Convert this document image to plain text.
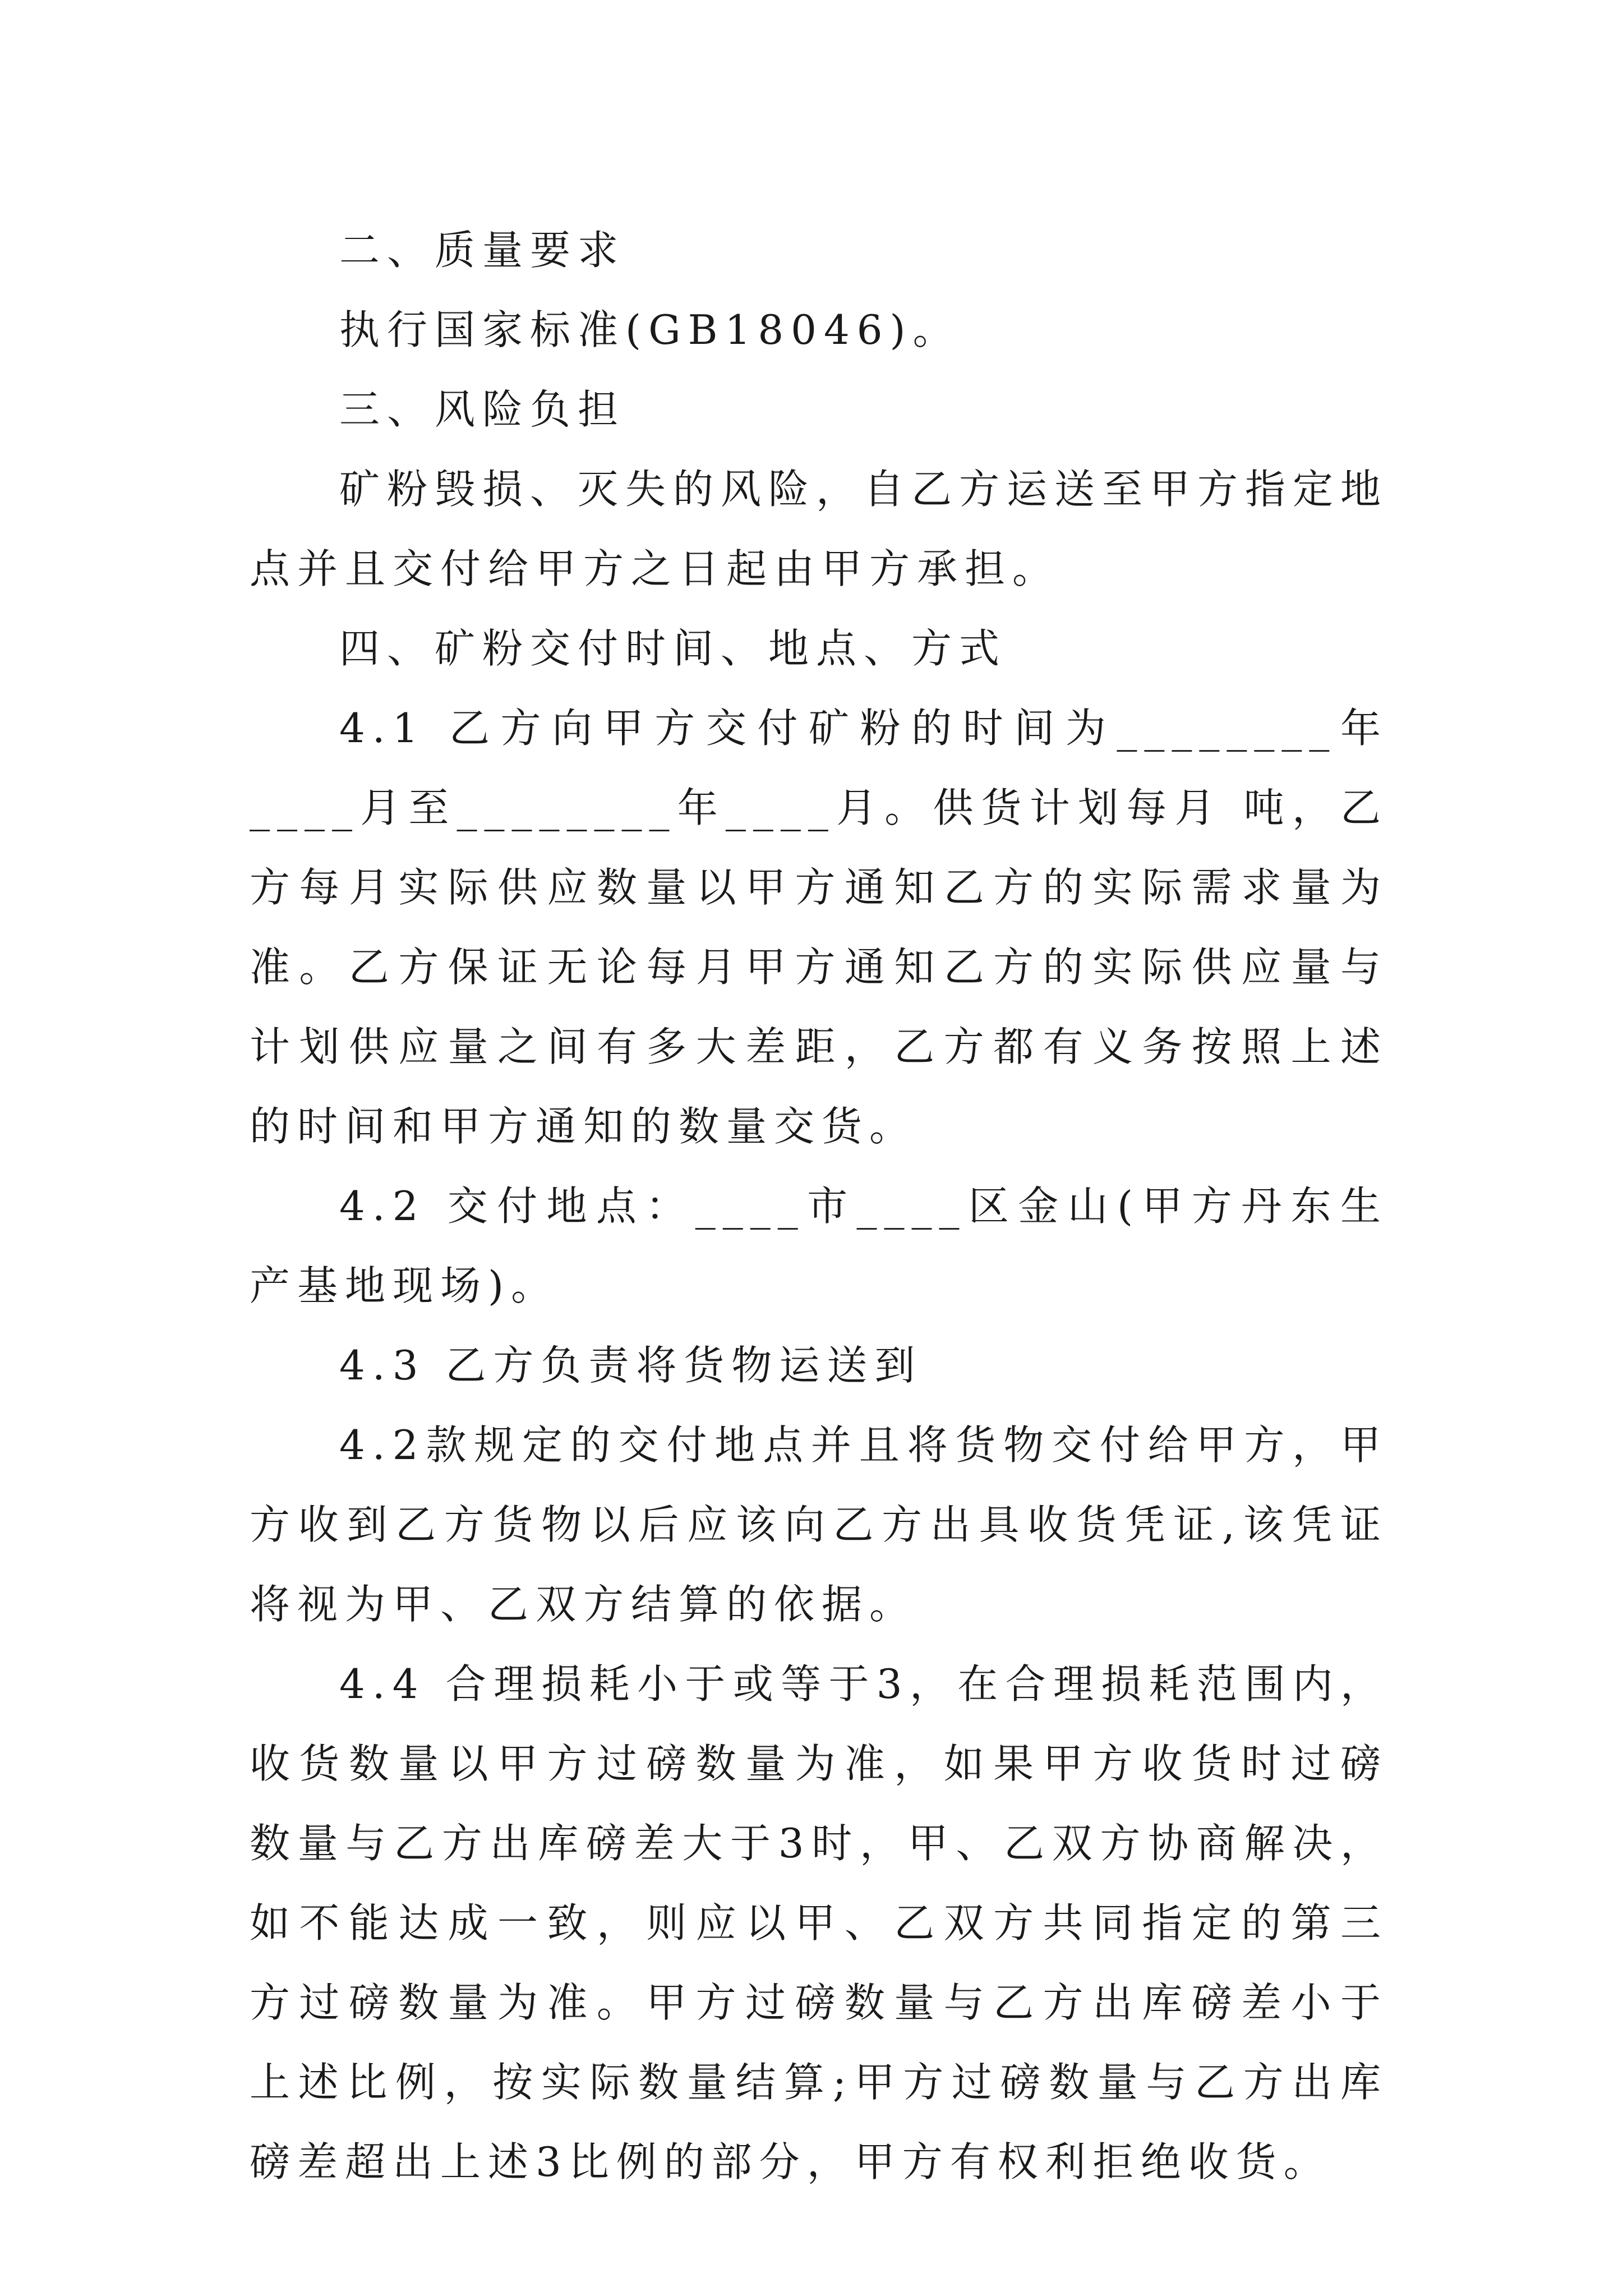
二、质量要求

执行国家标准(GB18046)。

三、风险负担

矿粉毁损、灭失的风险，自乙方运送至甲方指定地点并且交付给甲方之日起由甲方承担。

四、矿粉交付时间、地点、方式

4.1 乙方向甲方交付矿粉的时间为________年____月至________年____月。供货计划每月 吨，乙方每月实际供应数量以甲方通知乙方的实际需求量为准。乙方保证无论每月甲方通知乙方的实际供应量与计划供应量之间有多大差距，乙方都有义务按照上述的时间和甲方通知的数量交货。

4.2 交付地点：____市____区金山(甲方丹东生产基地现场)。

4.3 乙方负责将货物运送到

4.2款规定的交付地点并且将货物交付给甲方，甲方收到乙方货物以后应该向乙方出具收货凭证,该凭证将视为甲、乙双方结算的依据。

4.4 合理损耗小于或等于3，在合理损耗范围内，收货数量以甲方过磅数量为准，如果甲方收货时过磅数量与乙方出库磅差大于3时，甲、乙双方协商解决，如不能达成一致，则应以甲、乙双方共同指定的第三方过磅数量为准。甲方过磅数量与乙方出库磅差小于上述比例，按实际数量结算;甲方过磅数量与乙方出库磅差超出上述3比例的部分，甲方有权利拒绝收货。
